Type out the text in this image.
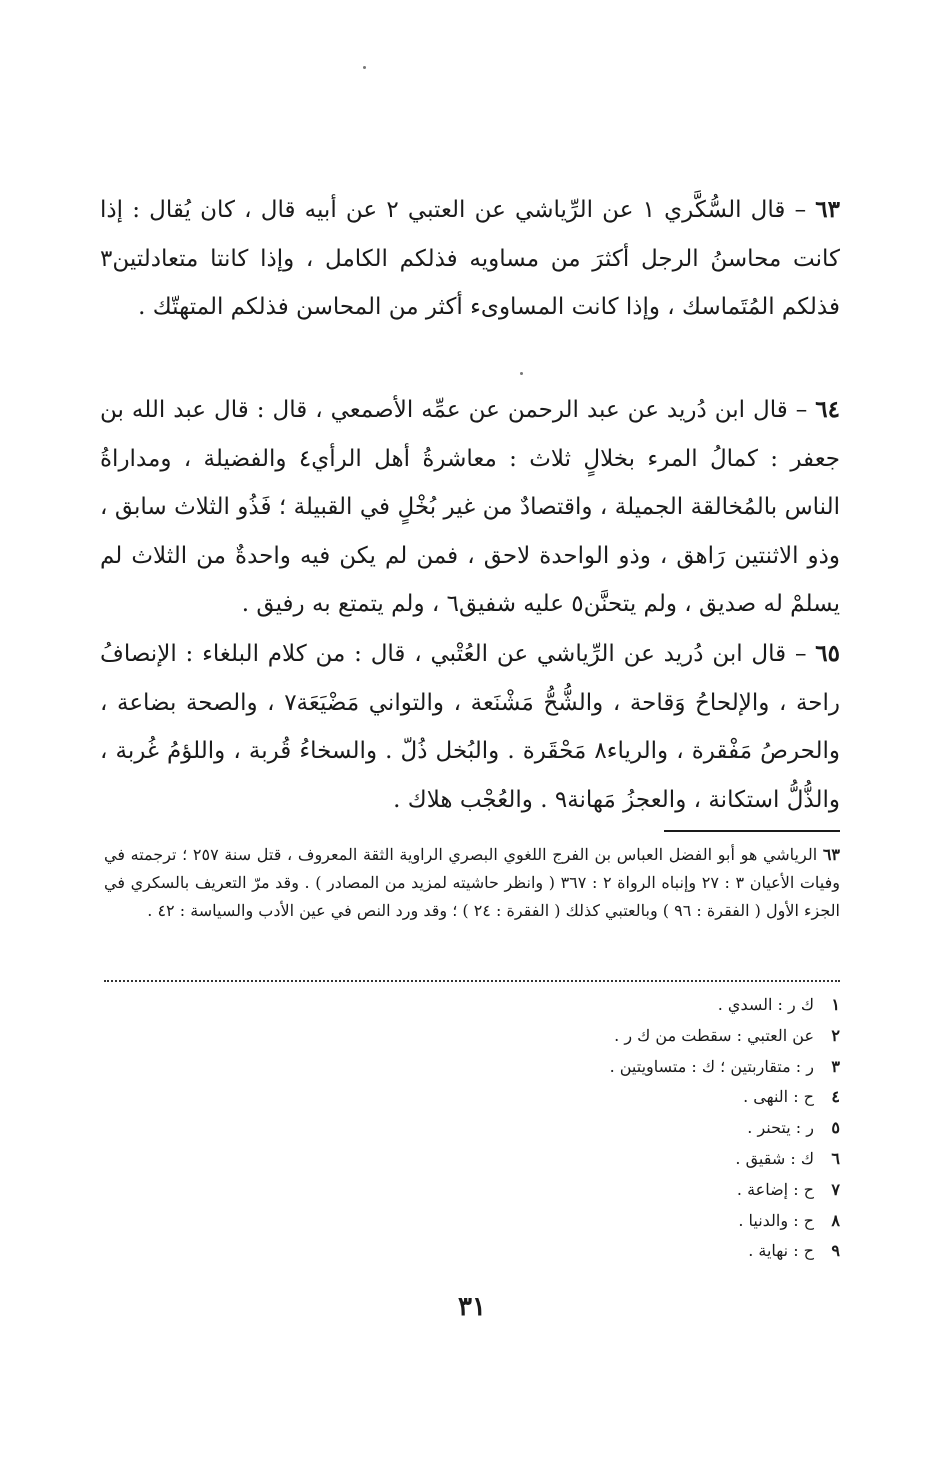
٦٣ – قال السُّكَّري ١ عن الرِّياشي عن العتبي ٢ عن أبيه قال ، كان يُقال : إذا كانت محاسنُ الرجل أكثرَ من مساويه فذلكم الكامل ، وإذا كانتا متعادلتين٣ فذلكم المُتَماسك ، وإذا كانت المساوىء أكثر من المحاسن فذلكم المتهتّك .

٦٤ – قال ابن دُريد عن عبد الرحمن عن عمِّه الأصمعي ، قال : قال عبد الله بن جعفر : كمالُ المرء بخلالٍ ثلاث : معاشرةُ أهل الرأي٤ والفضيلة ، ومداراةُ الناس بالمُخالقة الجميلة ، واقتصادٌ من غير بُخْلٍ في القبيلة ؛ فَذُو الثلاث سابق ، وذو الاثنتين رَاهق ، وذو الواحدة لاحق ، فمن لم يكن فيه واحدةٌ من الثلاث لم يسلمْ له صديق ، ولم يتحنَّن٥ عليه شفيق٦ ، ولم يتمتع به رفيق .

٦٥ – قال ابن دُريد عن الرِّياشي عن العُتْبي ، قال : من كلام البلغاء : الإنصافُ راحة ، والإلحاحُ وَقاحة ، والشُّحُّ مَشْنَعة ، والتواني مَضْيَعَة٧ ، والصحة بضاعة ، والحرصُ مَفْقرة ، والرياء٨ مَحْقَرة . والبُخل ذُلّ . والسخاءُ قُربة ، واللؤمُ غُربة ، والذُّلُّ استكانة ، والعجزُ مَهانة٩ . والعُجْب هلاك .

٦٣ الرياشي هو أبو الفضل العباس بن الفرج اللغوي البصري الراوية الثقة المعروف ، قتل سنة ٢٥٧ ؛ ترجمته في وفيات الأعيان ٣ : ٢٧ وإنباه الرواة ٢ : ٣٦٧ ( وانظر حاشيته لمزيد من المصادر ) . وقد مرّ التعريف بالسكري في الجزء الأول ( الفقرة : ٩٦ ) وبالعتبي كذلك ( الفقرة : ٢٤ ) ؛ وقد ورد النص في عين الأدب والسياسة : ٤٢ .

١
ك ر : السدي .
٢
عن العتبي : سقطت من ك ر .
٣
ر : متقاربتين ؛ ك : متساويتين .
٤
ح : النهى .
٥
ر : يتحنر .
٦
ك : شقيق .
٧
ح : إضاعة .
٨
ح : والدنيا .
٩
ح : نهاية .
٣١
